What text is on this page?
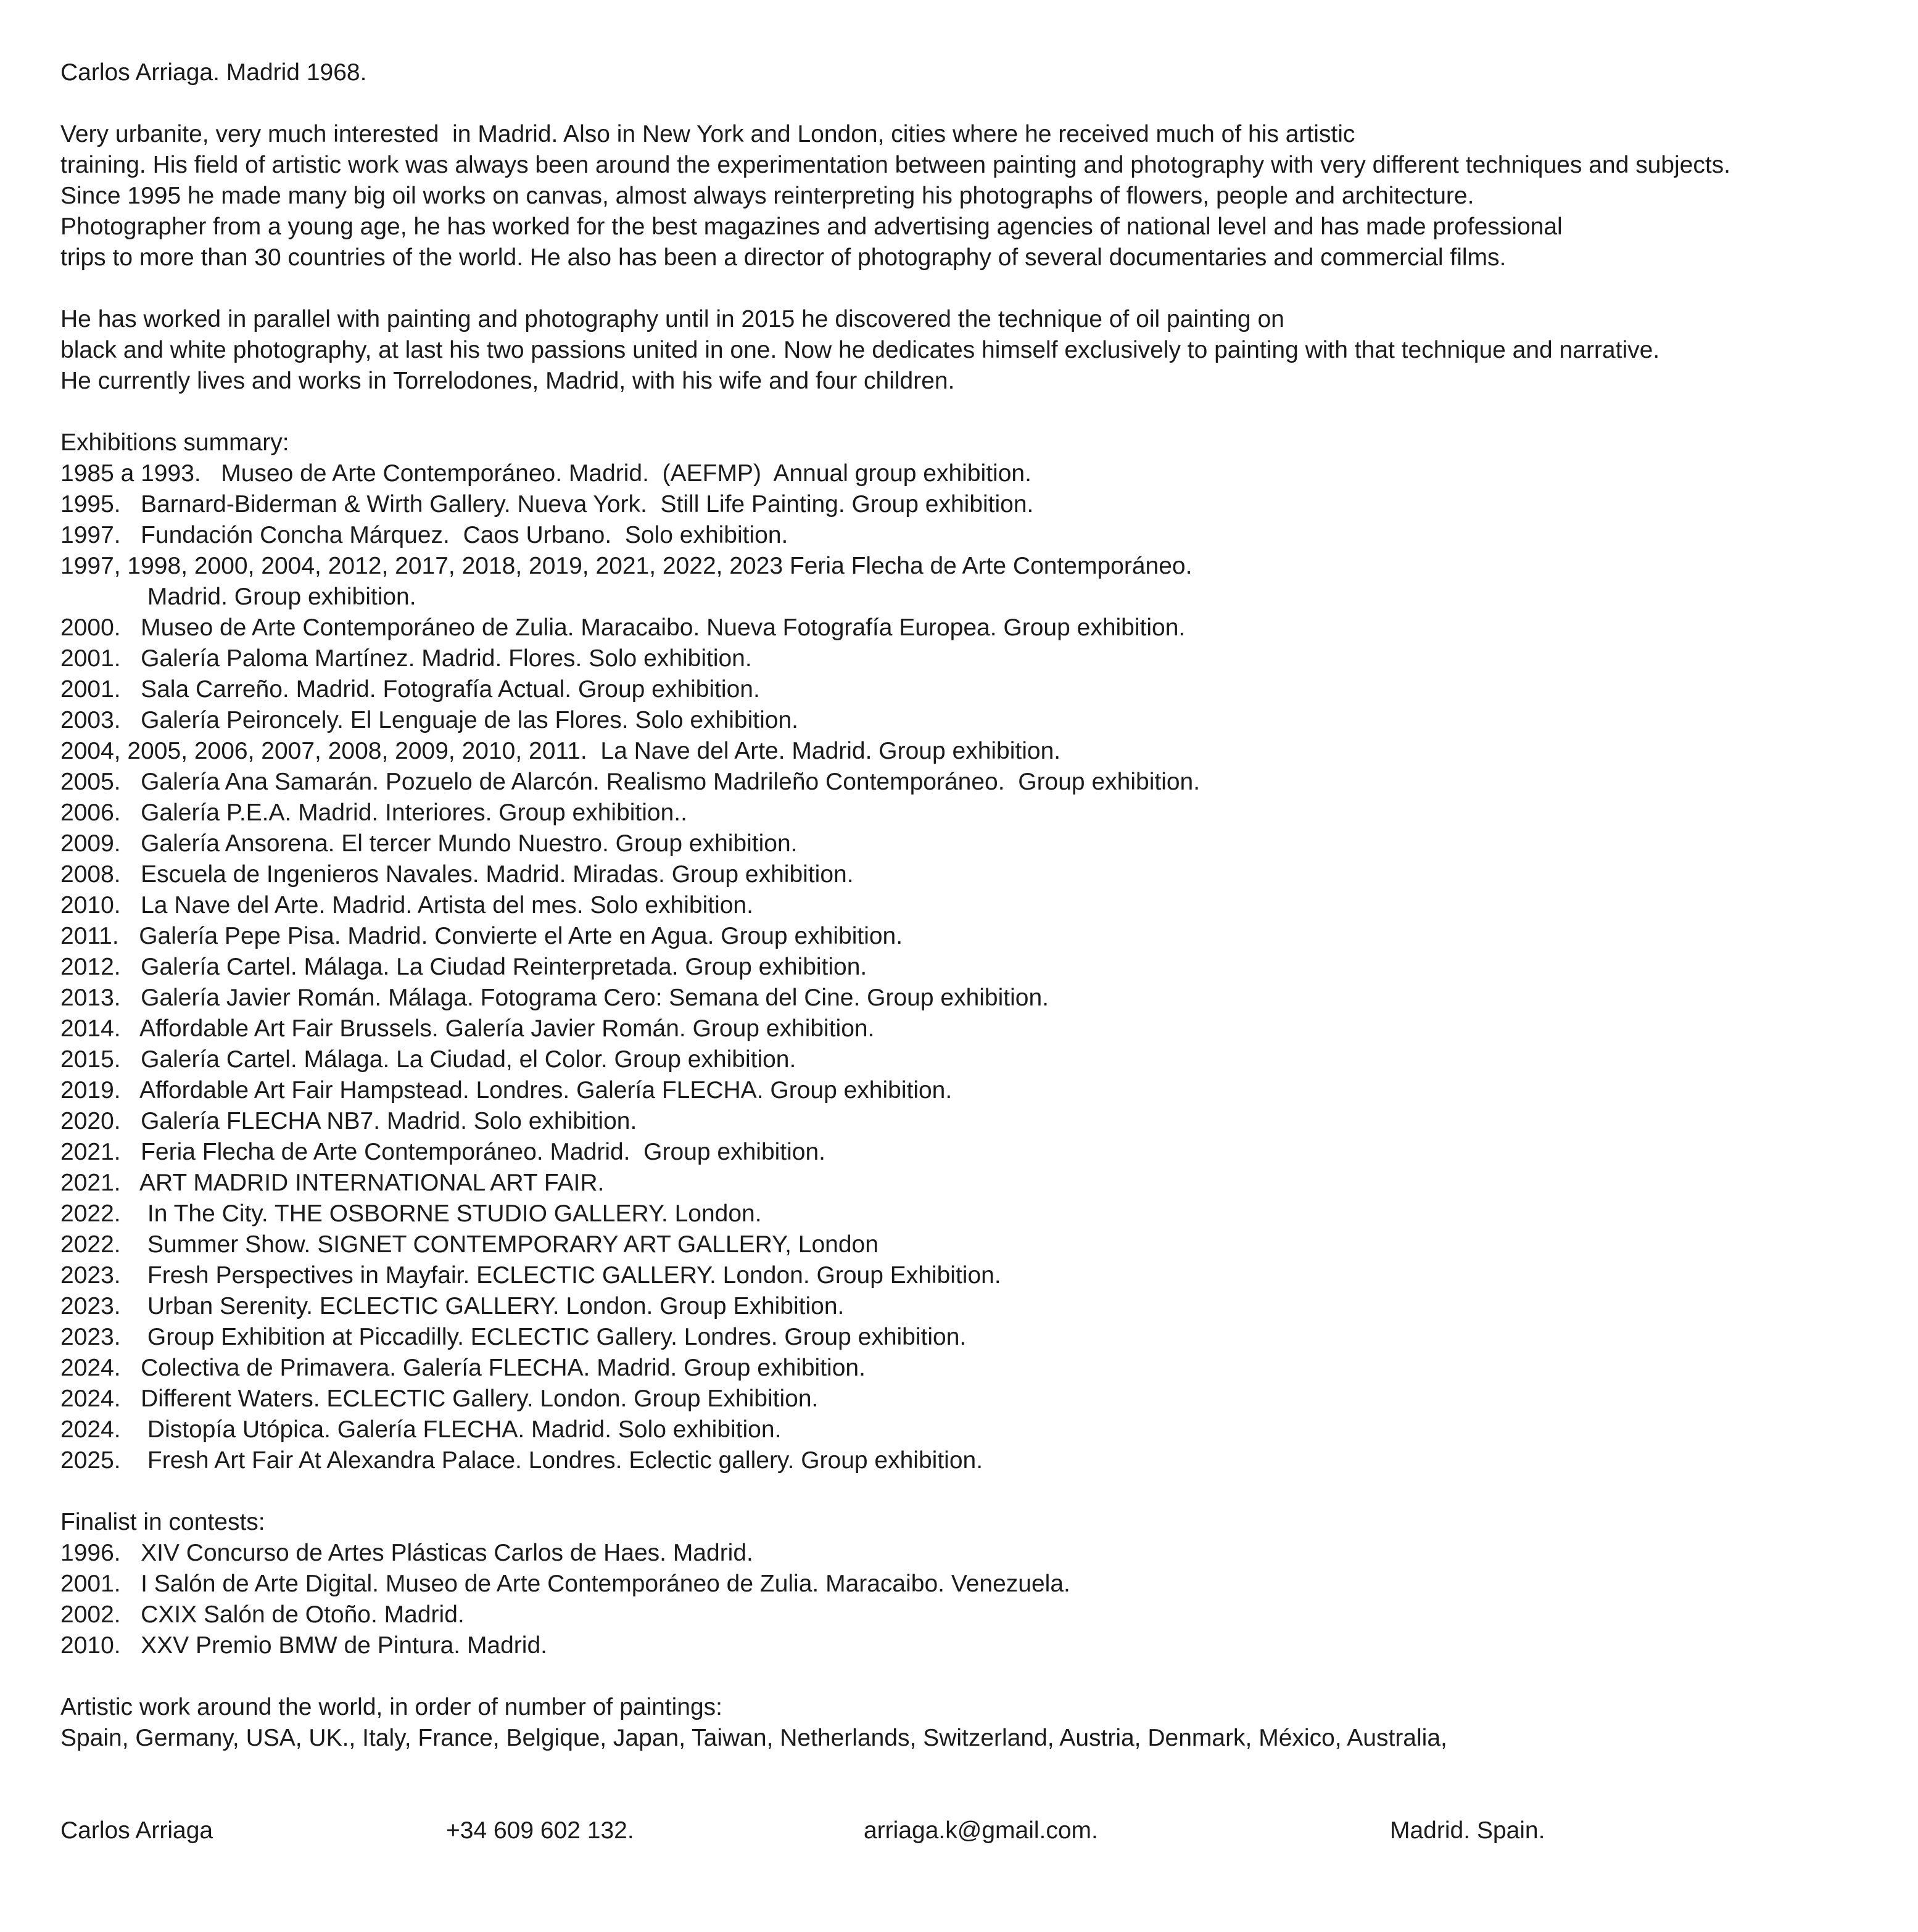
Carlos Arriaga. Madrid 1968.
Very urbanite, very much interested  in Madrid. Also in New York and London, cities where he received much of his artistic
training. His field of artistic work was always been around the experimentation between painting and photography with very different techniques and subjects.
Since 1995 he made many big oil works on canvas, almost always reinterpreting his photographs of flowers, people and architecture.
Photographer from a young age, he has worked for the best magazines and advertising agencies of national level and has made professional
trips to more than 30 countries of the world. He also has been a director of photography of several documentaries and commercial films.
He has worked in parallel with painting and photography until in 2015 he discovered the technique of oil painting on
black and white photography, at last his two passions united in one. Now he dedicates himself exclusively to painting with that technique and narrative.
He currently lives and works in Torrelodones, Madrid, with his wife and four children.
Exhibitions summary:
1985 a 1993.   Museo de Arte Contemporáneo. Madrid.  (AEFMP)  Annual group exhibition.
1995.   Barnard-Biderman & Wirth Gallery. Nueva York.  Still Life Painting. Group exhibition.
1997.   Fundación Concha Márquez.  Caos Urbano.  Solo exhibition.
1997, 1998, 2000, 2004, 2012, 2017, 2018, 2019, 2021, 2022, 2023 Feria Flecha de Arte Contemporáneo.
Madrid. Group exhibition.
2000.   Museo de Arte Contemporáneo de Zulia. Maracaibo. Nueva Fotografía Europea. Group exhibition.
2001.   Galería Paloma Martínez. Madrid. Flores. Solo exhibition.
2001.   Sala Carreño. Madrid. Fotografía Actual. Group exhibition.
2003.   Galería Peironcely. El Lenguaje de las Flores. Solo exhibition.
2004, 2005, 2006, 2007, 2008, 2009, 2010, 2011.  La Nave del Arte. Madrid. Group exhibition.
2005.   Galería Ana Samarán. Pozuelo de Alarcón. Realismo Madrileño Contemporáneo.  Group exhibition.
2006.   Galería P.E.A. Madrid. Interiores. Group exhibition..
2009.   Galería Ansorena. El tercer Mundo Nuestro. Group exhibition.
2008.   Escuela de Ingenieros Navales. Madrid. Miradas. Group exhibition.
2010.   La Nave del Arte. Madrid. Artista del mes. Solo exhibition.
2011.   Galería Pepe Pisa. Madrid. Convierte el Arte en Agua. Group exhibition.
2012.   Galería Cartel. Málaga. La Ciudad Reinterpretada. Group exhibition.
2013.   Galería Javier Román. Málaga. Fotograma Cero: Semana del Cine. Group exhibition.
2014.   Affordable Art Fair Brussels. Galería Javier Román. Group exhibition.
2015.   Galería Cartel. Málaga. La Ciudad, el Color. Group exhibition.
2019.   Affordable Art Fair Hampstead. Londres. Galería FLECHA. Group exhibition.
2020.   Galería FLECHA NB7. Madrid. Solo exhibition.
2021.   Feria Flecha de Arte Contemporáneo. Madrid.  Group exhibition.
2021.   ART MADRID INTERNATIONAL ART FAIR.
2022.    In The City. THE OSBORNE STUDIO GALLERY. London.
2022.    Summer Show. SIGNET CONTEMPORARY ART GALLERY, London
2023.    Fresh Perspectives in Mayfair. ECLECTIC GALLERY. London. Group Exhibition.
2023.    Urban Serenity. ECLECTIC GALLERY. London. Group Exhibition.
2023.    Group Exhibition at Piccadilly. ECLECTIC Gallery. Londres. Group exhibition.
2024.   Colectiva de Primavera. Galería FLECHA. Madrid. Group exhibition.
2024.   Different Waters. ECLECTIC Gallery. London. Group Exhibition.
2024.    Distopía Utópica. Galería FLECHA. Madrid. Solo exhibition.
2025.    Fresh Art Fair At Alexandra Palace. Londres. Eclectic gallery. Group exhibition.
Finalist in contests:
1996.   XIV Concurso de Artes Plásticas Carlos de Haes. Madrid.
2001.   I Salón de Arte Digital. Museo de Arte Contemporáneo de Zulia. Maracaibo. Venezuela.
2002.   CXIX Salón de Otoño. Madrid.
2010.   XXV Premio BMW de Pintura. Madrid.
Artistic work around the world, in order of number of paintings:
Spain, Germany, USA, UK., Italy, France, Belgique, Japan, Taiwan, Netherlands, Switzerland, Austria, Denmark, México, Australia,
Carlos Arriaga	+34 609 602 132.	arriaga.k@gmail.com.	Madrid. Spain.
